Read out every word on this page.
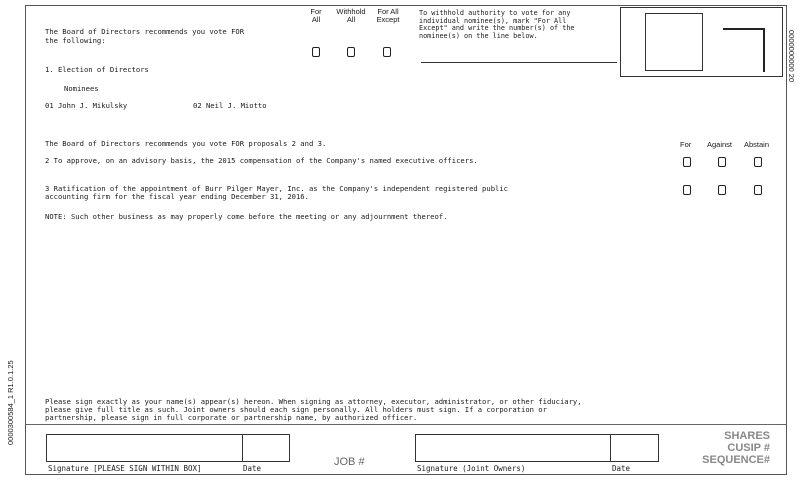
The Board of Directors recommends you vote FOR
the following:
For
All
Withhold
All
For All
Except
To withhold authority to vote for any
individual nominee(s), mark "For All
Except" and write the number(s) of the
nominee(s) on the line below.
1. Election of Directors
Nominees
01 John J. Mikulsky	02 Neil J. Miotto
The Board of Directors recommends you vote FOR proposals 2 and 3.	For Against Abstain
2 To approve, on an advisory basis, the 2015 compensation of the Company's named executive officers.
3 Ratification of the appointment of Burr Pilger Mayer, Inc. as the Company's independent registered public
accounting firm for the fiscal year ending December 31, 2016.
NOTE: Such other business as may properly come before the meeting or any adjournment thereof.
Please sign exactly as your name(s) appear(s) hereon. When signing as attorney, executor, administrator, or other fiduciary,
please give full title as such. Joint owners should each sign personally. All holders must sign. If a corporation or
partnership, please sign in full corporate or partnership name, by authorized officer.
Signature [PLEASE SIGN WITHIN BOX]	Date
JOB #
Signature (Joint Owners)	Date
SHARES
CUSIP #
SEQUENCE#
0000300584_1 R1.0.1.25
0000000000 20
